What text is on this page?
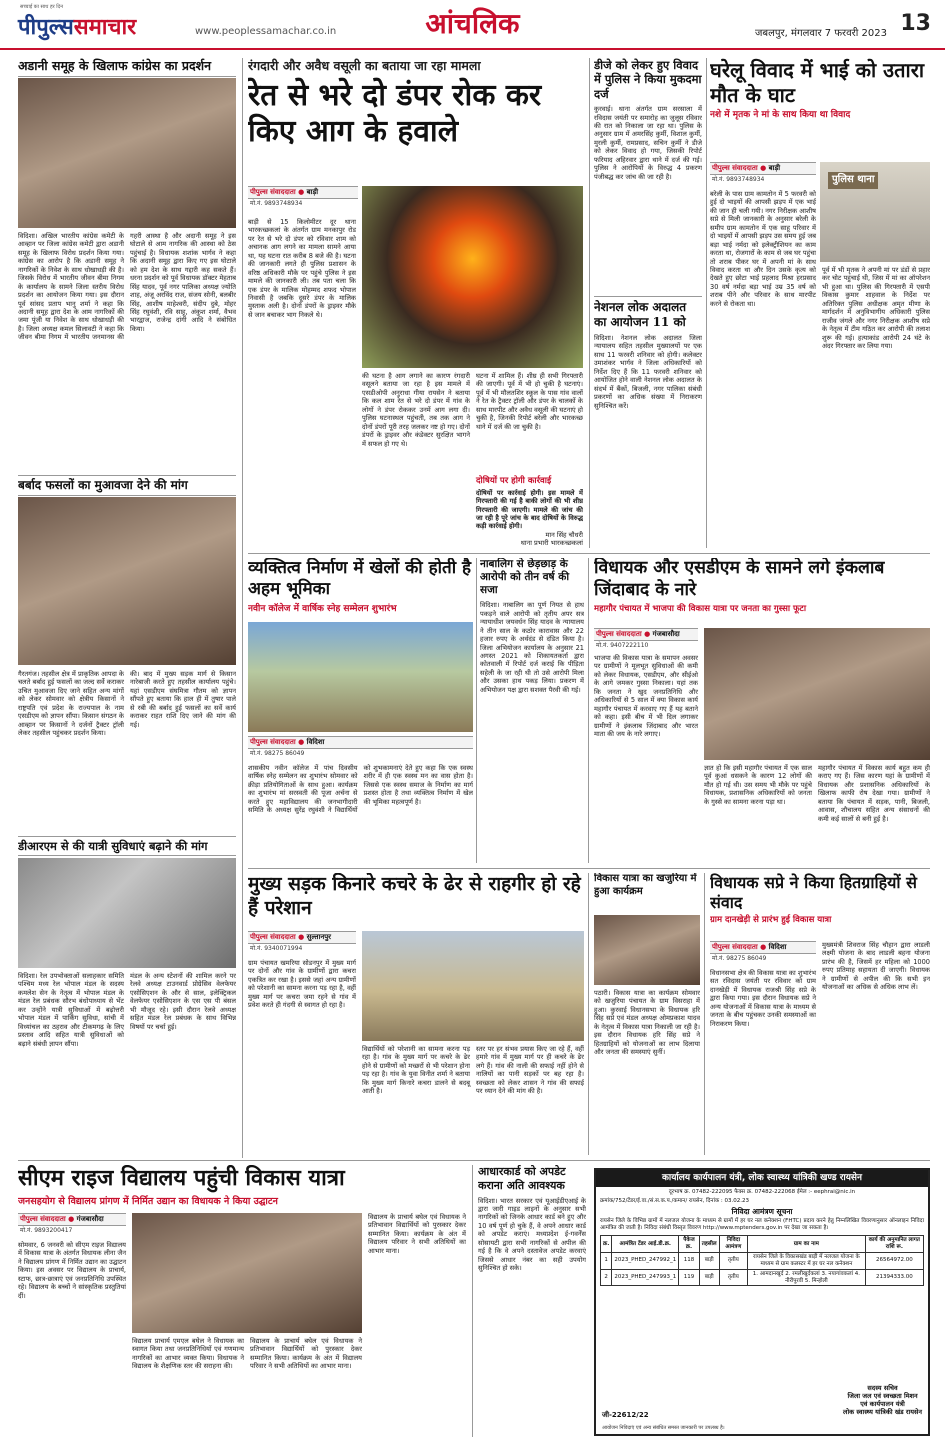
सच्चाई का साथ हर दिन
पीपुल्ससमाचार	www.peoplessamachar.co.in	आंचलिक	जबलपुर, मंगलवार 7 फरवरी 2023 13
अडानी समूह के खिलाफ कांग्रेस का प्रदर्शन
विदिशा। अखिल भारतीय कांग्रेस कमेटी के आव्हान पर जिला कांग्रेस कमेटी द्वारा अडानी समूह के खिलाफ विरोध प्रदर्शन किया गया। कांग्रेस का आरोप है कि अडानी समूह ने नागरिकों के निवेश के साथ धोखाधड़ी की है। जिसके विरोध में भारतीय जीवन बीमा निगम के कार्यालय के सामने जिला स्तरीय विरोध प्रदर्शन का आयोजन किया गया। इस दौरान पूर्व सांसद प्रताप भानु शर्मा ने कहा कि अदानी समूह द्वारा देश के आम नागरिकों की जमा पूंजी या निवेश के साथ धोखाधड़ी की है। जिला अध्यक्ष कमल सिलावटी ने कहा कि जीवन बीमा निगम में भारतीय जनमानस की गहरी आस्था है और अदानी समूह ने इस घोटाले से आम नागरिक की आस्था को ठेस पहुंचाई है। विधायक शशांक भार्गव ने कहा कि अदानी समूह द्वारा किए गए इस घोटाले को हम देश के साथ गद्दारी कह सकते हैं। धरना प्रदर्शन को पूर्व विधायक डॉक्टर मेहताब सिंह यादव, पूर्व नगर पालिका अध्यक्ष ज्योति शाह, अंजू अरविंद राज, संजय सोनी, बलबीर सिंह, आशीष माहेश्वरी, संदीप दुबे, मोहर सिंह रघुवंशी, रवि साहू, अंकुश शर्मा, वैभव भारद्वाज, राजेन्द्र दांगी आदि ने संबोधित किया।
बर्बाद फसलों का मुआवजा देने की मांग
गैरतगंज। तहसील क्षेत्र में प्राकृतिक आपदा के चलते बर्बाद हुई फसलों का जल्द सर्वे कराकर उचित मुआवजा दिए जाने सहित अन्य मांगों को लेकर सोमवार को क्षेत्रीय किसानों ने राष्ट्रपति एवं प्रदेश के राज्यपाल के नाम एसडीएम को ज्ञापन सौंपा। किसान संगठन के आव्हान पर किसानों ने दर्जनों ट्रैक्टर ट्रॉली लेकर तहसील पहुंचकर प्रदर्शन किया।
की। बाद में मुख्य सड़क मार्ग से किसान नारेबाजी करते हुए तहसील कार्यालय पहुंचे। यहां एसडीएम संघमित्रा गौतम को ज्ञापन सौंपते हुए बताया कि हाल ही में तुषार पाले से रबी की बर्बाद हुई फसलों का सर्वे कार्य कराकर राहत राशि दिए जाने की मांग की गई।
डीआरएम से की यात्री सुविधाएं बढ़ाने की मांग
विदिशा। रेल उपभोक्ताओं सलाहकार समिति पश्चिम मध्य रेल भोपाल मंडल के सदस्य कमलेश सेन के नेतृत्व में भोपाल मंडल के मंडल रेल प्रबंधक सौरभ बंधोपाध्याय से भेंट कर उन्होंने यात्री सुविधाओं में बढ़ोत्तरी भोपाल मंडल में पार्किंग सुविधा, सांची में विध्यांचल का ठहराव और टीकमगढ़ के लिए प्रस्ताव आदि सहित यात्री सुविधाओं को बढ़ाने संबंधी ज्ञापन सौंपा।
मंडल के अन्य स्टेशनों की शामिल करने पर रेलवे अध्यक्ष टाउनवार्ड प्रोग्रेसिव वेलफेयर एसोसिएशन के और से साल, इलेक्ट्रिकल वेलफेयर एसोसिएशन के एस एस पी बंसल भी मौजूद रहे। इसी दौरान रेलवे अध्यक्ष सहित मंडल रेल प्रबंधक के साथ विभिन्न विषयों पर चर्चा हुई।
रंगदारी और अवैध वसूली का बताया जा रहा मामला
रेत से भरे दो डंपर रोक कर किए आग के हवाले
पीपुल्स संवाददाता ● बाड़ी
मो.नं. 9893748934
बाड़ी से 15 किलोमीटर दूर थाना भारकच्छकलां के अंतर्गत ग्राम मनकापुर रोड पर रेत से भरे दो डंपर को रविवार शाम को अचानक आग लगने का मामला सामने आया था, यह घटना रात करीब 8 बजे की है। घटना की जानकारी लगते ही पुलिस प्रशासन के वरिष्ठ अधिकारी मौके पर पहुंचे पुलिस ने इस मामले की जानकारी ली। तब पता चला कि एक डंपर के मालिक मोहम्मद शफद भोपाल निवासी है जबकि दूसरे डंपर के मालिक मुस्ताक अली है। दोनों डंपरों के ड्राइवर मौके से जान बचाकर भाग निकले थे।
की घटना है आग लगाने का कारण रंगदारी वसूलने बताया जा रहा है इस मामले में एसडीओपी अनुराधा गीया रायसेन ने बताया कि कल शाम रेत से भरे दो डंपर में गांव के लोगों ने डंपर रोककर उनमें आग लगा दी। पुलिस घटनास्थल पहुंचती, तब तक आग ने दोनों डंपरों पूरी तरह जलकर नष्ट हो गए। दोनों डंपरों के ड्राइवर और कंडेक्टर सुरक्षित भागने में सफल हो गए थे।
घटना में शामिल हैं। शीघ्र ही सभी गिरफ्तारी की जाएगी। पूर्व में भी हो चुकी है घटनाएं। पूर्व में भी मौलतशिर स्कूल के पास गांव वालों ने रेत के ट्रैक्टर ट्रॉली और डंपर के चालकों के साथ मारपीट और अवैध वसूली की घटनाएं हो चुकी है, जिनकी रिपोर्ट बरेली और भारकच्छ थाने में दर्ज की जा चुकी है।
दोषियों पर होगी कार्रवाई
दोषियों पर कार्रवाई होगी। इस मामले में गिरफ्तारी की गई है बाकी लोगों की भी शीघ्र गिरफ्तारी की जाएगी। मामले की जांच की जा रही है पूरे जांच के बाद दोषियों के विरुद्ध कड़ी कार्रवाई होगी।
मान सिंह चौधरी
थाना प्रभारी भारकच्छकलां
डीजे को लेकर हुए विवाद में पुलिस ने किया मुकदमा दर्ज
कुरवाई। थाना अंतर्गत ग्राम सरसाला में रविदास जयंती पर समारोह का जुलूस रविवार की रात को निकाला जा रहा था। पुलिस के अनुसार ग्राम में अमरसिंह कुर्मी, विशाल कुर्मी, मुरली कुर्मी, रामप्रसाद, सचिन कुर्मी ने डीजे को लेकर विवाद हो गया, जिसकी रिपोर्ट फरियाद अहिरवार द्वारा थाने में दर्ज की गई। पुलिस ने आरोपियों के विरुद्ध 4 प्रकरण पंजीबद्ध कर जांच की जा रही है।
नेशनल लोक अदालत का आयोजन 11 को
विदिशा। नेशनल लोक अदालत जिला न्यायालय सहित तहसील मुख्यालयों पर एक साथ 11 फरवरी शनिवार को होगी। कलेक्टर उमाशंकर भार्गव ने जिला अधिकारियों को निर्देश दिए हैं कि 11 फरवरी शनिवार को आयोजित होने वाली नेशनल लोक अदालत के संदर्भ में बैंकों, बिजली, नगर पालिका संबंधी प्रकरणों का अधिक संख्या में निराकरण सुनिश्चित करें।
घरेलू विवाद में भाई को उतारा मौत के घाट
नशे में मृतक ने मां के साथ किया था विवाद
पीपुल्स संवाददाता ● बाड़ी
मो.नं. 9893748934	पुलिस थाना
बरेली के पास ग्राम कामतोन में 5 फरवरी को हुई दो भाइयों की आपसी झड़प में एक भाई की जान ही चली गयी। नगर निरीक्षक आशीष सप्रे से मिली जानकारी के अनुसार बरेली के समीप ग्राम कामतोन में एक साहू परिवार में दो भाइयों में आपसी झड़प उस समय हुई जब बड़ा भाई नर्मदा को इलेक्ट्रीशियन का काम करता था, रोजगारों के काम से जब घर पहुंचा तो शराब पीकर घर में अपनी मां के साथ विवाद करता था और दिन उसके कृत्य को देखते हुए छोटा भाई प्रहलाद मिश्रा हरप्रसाद 30 वर्ष नर्मदा बड़ा भाई उम्र 35 वर्ष को शराब पीने और परिवार के साथ मारपीट करने से रोकता था।
पूर्व में भी मृतक ने अपनी मां पर डंडों से प्रहार कर चोट पहुंचाई थी, जिस में मां का ऑपरेशन भी हुआ था। पुलिस की गिरफ्तारी में एसपी विकास कुमार शाहवाल के निर्देश पर अतिरिक्त पुलिस अधीक्षक अमृत मीणा के मार्गदर्शन में अनुविभागीय अधिकारी पुलिस राजीव जंगले और नगर निरीक्षक आशीष सप्रे के नेतृत्व में टीम गठित कर आरोपी की तलाश शुरू की गई। हत्याकांड आरोपी 24 घंटे के अंदर गिरफ्तार कर लिया गया।
व्यक्तित्व निर्माण में खेलों की होती है अहम भूमिका
नवीन कॉलेज में वार्षिक स्नेह सम्मेलन शुभारंभ
पीपुल्स संवाददाता ● विदिशा
मो.नं. 98275 86049
शासकीय नवीन कॉलेज में पांच दिवसीय वार्षिक स्नेह सम्मेलन का शुभारंभ सोमवार को क्रीड़ा प्रतियोगिताओं के साथ हुआ। कार्यक्रम का शुभारंभ मां सरस्वती की पूजा अर्चना से करते हुए महाविद्यालय की जनभागीदारी समिति के अध्यक्ष सुरेंद्र रघुवंशी ने विद्यार्थियों को शुभकामनाएं देते हुए कहा कि एक स्वस्थ शरीर में ही एक स्वस्थ मन का वास होता है। जिससे एक स्वस्थ समाज के निर्माण का मार्ग प्रशस्त होता है तथा व्यक्तित्व निर्माण में खेल की भूमिका महत्वपूर्ण है।
नाबालिग से छेड़छाड़ के आरोपी को तीन वर्ष की सजा
विदिशा। नाबालिग का पूर्ण नियत से हाथ पकड़ने वाले आरोपी को तृतीय अपर सत्र न्यायाधीश जयवर्धन सिंह यादव के न्यायालय ने तीन साल के कठोर कारावास और 22 हजार रुपए के अर्थदंड से दंडित किया है। जिला अभियोजन कार्यालय के अनुसार 21 अगस्त 2021 को शिकायतकर्ता द्वारा कोतवाली में रिपोर्ट दर्ज कराई कि पीड़िता सहेली के जा रही थी तो उसे आरोपी मिला और उसका हाथ पकड़ लिया। प्रकरण में अभियोजन पक्ष द्वारा सशक्त पैरवी की गई।
विधायक और एसडीएम के सामने लगे इंकलाब जिंदाबाद के नारे
महागौर पंचायत में भाजपा की विकास यात्रा पर जनता का गुस्सा फूटा
पीपुल्स संवाददाता ● गंजबासौदा
मो.नं. 9407222110
भाजपा की विकास यात्रा के समापन अवसर पर ग्रामीणों ने मूलभूत सुविधाओं की कमी को लेकर विधायक, एसडीएम, और सीईओ के आगे जमकर गुस्सा निकाला। यहां तक कि जनता ने खुद जनप्रतिनिधि और अधिकारियों से 5 साल में क्या विकास कार्य महागौर पंचायत में करवाए गए हैं यह बताने को कहा। इसी बीच में भी दिल लगाकर ग्रामीणों ने इंकलाब जिंदाबाद और भारत माता की जय के नारे लगाए।
ज्ञात हो कि इसी महागौर पंचायत में एक साल पूर्व कुआं धसकने के कारण 12 लोगों की मौत हो गई थी। उस समय भी मौके पर पहुंचे विधायक, प्रशासनिक अधिकारियों को जनता के गुस्से का सामना करना पड़ा था।
महागौर पंचायत में विकास कार्य बहुत कम ही कराए गए हैं। जिस कारण यहां के ग्रामीणों में विधायक और प्रशासनिक अधिकारियों के खिलाफ काफी रोष देखा गया। ग्रामीणों ने बताया कि पंचायत में सड़क, पानी, बिजली, आवास, शौचालय सहित अन्य संसाधनों की कमी कई सालों से बनी हुई है।
मुख्य सड़क किनारे कचरे के ढेर से राहगीर हो रहे हैं परेशान
पीपुल्स संवाददाता ● सुल्तानपुर
मो.नं. 9340071994
ग्राम पंचायत खमरिया सोडनपुर में मुख्य मार्ग पर दोनों और गांव के ग्रामीणों द्वारा कचरा एकत्रित कर रखा है। इससे जहां अन्य ग्रामीणों को परेशानी का सामना करना पड़ रहा है, वहीं मुख्य मार्ग पर कचरा जमा रहने से गांव में प्रवेश करते ही गंदगी से स्वागत हो रहा है।
विद्यार्थियों को परेशानी का सामना करना पड़ रहा है। गांव के मुख्य मार्ग पर कचरे के ढेर होने से ग्रामीणों को मच्छरों से भी परेशान होना पड़ रहा है। गांव के युवा विनीत शर्मा ने बताया कि मुख्य मार्ग किनारे कचरा डालने से बदबू आती है।
स्तर पर हर संभव प्रयास किए जा रहे हैं, वहीं हमारे गांव में मुख्य मार्ग पर ही कचरे के ढेर लगे हैं। गांव की नाली की सफाई नहीं होने से नालियों का पानी सड़कों पर बह रहा है। स्वच्छता को लेकर शासन ने गांव की सफाई पर ध्यान देने की मांग की है।
विकास यात्रा का खजुरिया में हुआ कार्यक्रम
पठारी। विकास यात्रा का कार्यक्रम सोमवार को खजुरिया पंचायत के ग्राम विसराहा में हुआ। कुरवाई विधानसभा के विधायक हरि सिंह सप्रे एवं मंडल अध्यक्ष ओमप्रकाश यादव के नेतृत्व में विकास यात्रा निकाली जा रही है। इस दौरान विधायक हरि सिंह सप्रे ने हितग्राहियों को योजनाओं का लाभ दिलाया और जनता की समस्याएं सुनीं।
विधायक सप्रे ने किया हितग्राहियों से संवाद
ग्राम दानखेड़ी से प्रारंभ हुई विकास यात्रा
पीपुल्स संवाददाता ● विदिशा
मो.नं. 98275 86049
विधानसभा क्षेत्र की विकास यात्रा का शुभारंभ सत रविदास जयंती पर रविवार को ग्राम दानखेड़ी में विधायक राजश्री सिंह सप्रे के द्वारा किया गया। इस दौरान विधायक सप्रे ने अन्य योजनाओं में विकास यात्रा के माध्यम से जनता के बीच पहुंचकर उनकी समस्याओं का निराकरण किया।
मुख्यमंत्री शिवराज सिंह चौहान द्वारा लाडली लक्ष्मी योजना के बाद लाडली बहना योजना प्रारंभ की है, जिसमें हर महिला को 1000 रुपए प्रतिमाह सहायता दी जाएगी। विधायक ने ग्रामीणों से अपील की कि सभी इन योजनाओं का अधिक से अधिक लाभ लें।
सीएम राइज विद्यालय पहुंची विकास यात्रा
जनसहयोग से विद्यालय प्रांगण में निर्मित उद्यान का विधायक ने किया उद्घाटन
पीपुल्स संवाददाता ● गंजबासौदा
मो.नं. 9893200417
सोमवार, 6 जनवरी को सीएम राइज विद्यालय में विकास यात्रा के अंतर्गत विधायक लीना जैन ने विद्यालय प्रांगण में निर्मित उद्यान का उद्घाटन किया। इस अवसर पर विद्यालय के प्राचार्य, स्टाफ, छात्र-छात्राएं एवं जनप्रतिनिधि उपस्थित रहे। विद्यालय के बच्चों ने सांस्कृतिक प्रस्तुतियां दीं।
विद्यालय प्राचार्य एमएल बघेल ने विधायक का स्वागत किया तथा जनप्रतिनिधियों एवं गणमान्य नागरिकों का आभार व्यक्त किया। विधायक ने विद्यालय के शैक्षणिक स्तर की सराहना की।
विद्यालय के प्राचार्य बघेल एवं विधायक ने प्रतिभावान विद्यार्थियों को पुरस्कार देकर सम्मानित किया। कार्यक्रम के अंत में विद्यालय परिवार ने सभी अतिथियों का आभार माना।
विद्यालय के प्राचार्य बघेल एवं विधायक ने प्रतिभावान विद्यार्थियों को पुरस्कार देकर सम्मानित किया। कार्यक्रम के अंत में विद्यालय परिवार ने सभी अतिथियों का आभार माना।
आधारकार्ड को अपडेट कराना अति आवश्यक
विदिशा। भारत सरकार एवं यूआईडीएआई के द्वारा जारी गाइड लाइनों के अनुसार सभी नागरिकों को जिनके आधार कार्ड बने हुए और 10 वर्ष पूर्ण हो चुके हैं, वे अपने आधार कार्ड को अपडेट कराएं। मध्यप्रदेश ई-गवर्नेंस सोसायटी द्वारा सभी नागरिकों से अपील की गई है कि वे अपने दस्तावेज अपडेट करवाएं जिससे आधार नंबर का सही उपयोग सुनिश्चित हो सके।
कार्यालय कार्यपालन यंत्री, लोक स्वास्थ्य यांत्रिकी खण्ड रायसेन
दूरभाष क्र. 07482-222095 फैक्स क्र. 07482-222068 ईमेल :- eephrai@nic.in
क्रमांक/752/टेंडर/ई.वा./सं.स.क.प./कमान/ रायसेन, दिनांक : 03.02.23
निविदा आमंत्रण सूचना
रायसेन जिले के विभिन्न ग्रामों में नलजल योजना के माध्यम से ग्रामों में हर घर नल कनेक्शन (FHTC) प्रदाय करने हेतु निम्नलिखित विवरणानुसार ऑनलाइन निविदा आमंत्रित की जाती है। निविदा संबंधी विस्तृत विवरण http://www.mptenders.gov.in पर देखा जा सकता है।
क्र.	आमंत्रित टेंडर आई.डी.क्र.	पैकेज क्र.	तहसील	निविदा आमंत्रण	ग्राम का नाम	कार्य की अनुमानित लागत राशि रू.
1	2023_PHED_247992_1	118	बाड़ी	तृतीय	रायसेन जिले के विकासखंड बाड़ी में नलजल योजना के माध्यम से ग्राम कलस्टर में हर घर नल कनेक्शन	26564972.00
2	2023_PHED_247993_1	119	बाड़ी	तृतीय	1. आमदानखुर्द 2. रमलीखुर्दकलां 3. नयागांवकलां 4. नीरीपुरवी 5. मिन्होली	21394333.00
सदस्य सचिव
जिला जल एवं स्वच्छता मिशन
एवं कार्यपालन यंत्री
लोक स्वास्थ्य यांत्रिकी खंड रायसेन
जी-22612/22
आयोजन निविदाएं एवं अन्य संबंधित समस्त जानकारी पर उपलब्ध है।
